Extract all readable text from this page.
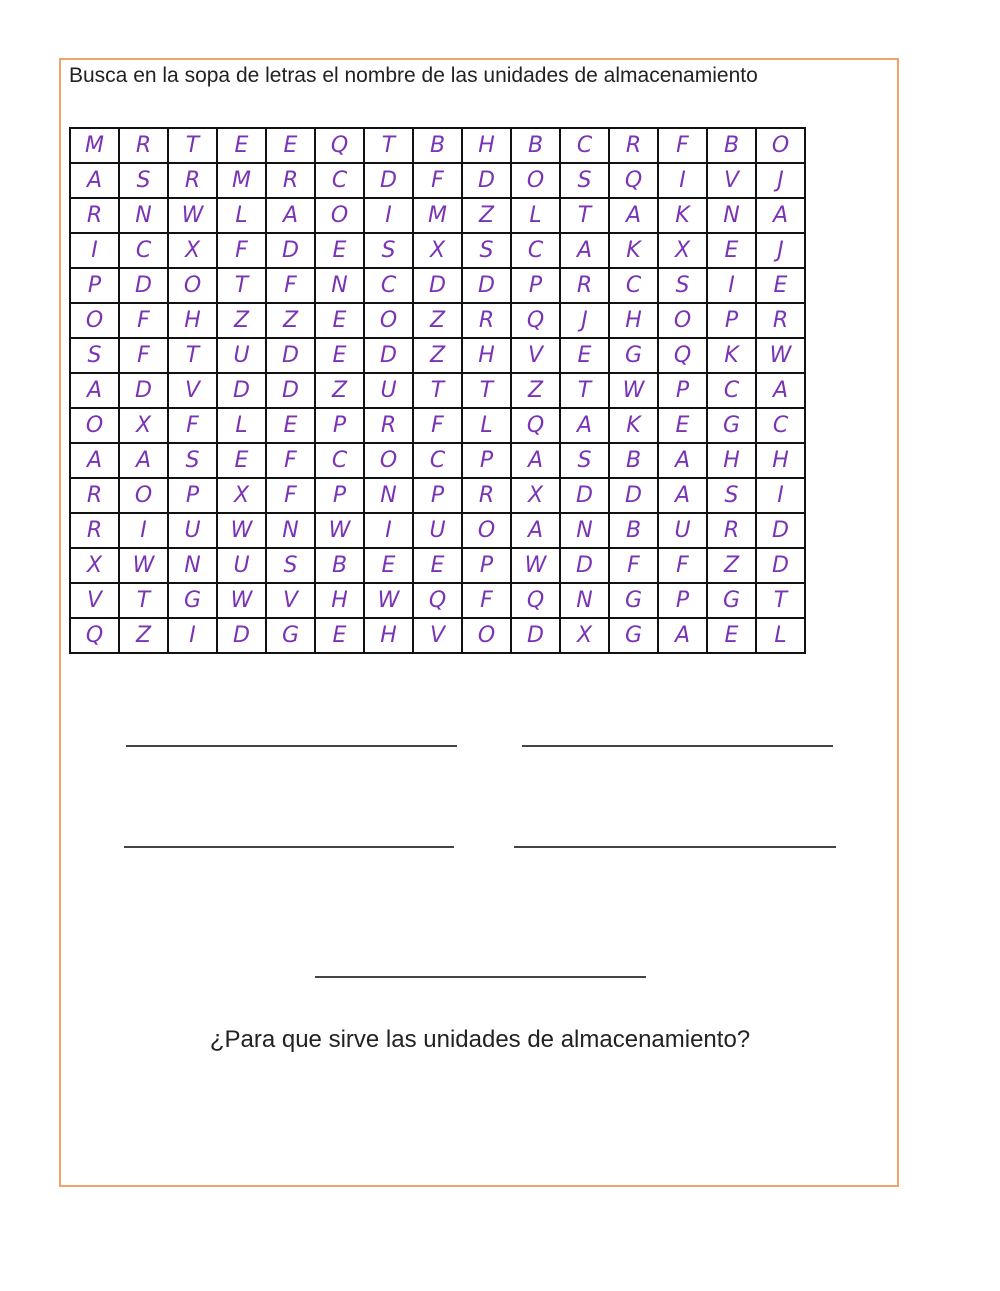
Busca en la sopa de letras el nombre de las unidades de almacenamiento

M	R	T	E	E	Q	T	B	H	B	C	R	F	B	O
A	S	R	M	R	C	D	F	D	O	S	Q	I	V	J
R	N	W	L	A	O	I	M	Z	L	T	A	K	N	A
I	C	X	F	D	E	S	X	S	C	A	K	X	E	J
P	D	O	T	F	N	C	D	D	P	R	C	S	I	E
O	F	H	Z	Z	E	O	Z	R	Q	J	H	O	P	R
S	F	T	U	D	E	D	Z	H	V	E	G	Q	K	W
A	D	V	D	D	Z	U	T	T	Z	T	W	P	C	A
O	X	F	L	E	P	R	F	L	Q	A	K	E	G	C
A	A	S	E	F	C	O	C	P	A	S	B	A	H	H
R	O	P	X	F	P	N	P	R	X	D	D	A	S	I
R	I	U	W	N	W	I	U	O	A	N	B	U	R	D
X	W	N	U	S	B	E	E	P	W	D	F	F	Z	D
V	T	G	W	V	H	W	Q	F	Q	N	G	P	G	T
Q	Z	I	D	G	E	H	V	O	D	X	G	A	E	L

¿Para que sirve las unidades de almacenamiento?
